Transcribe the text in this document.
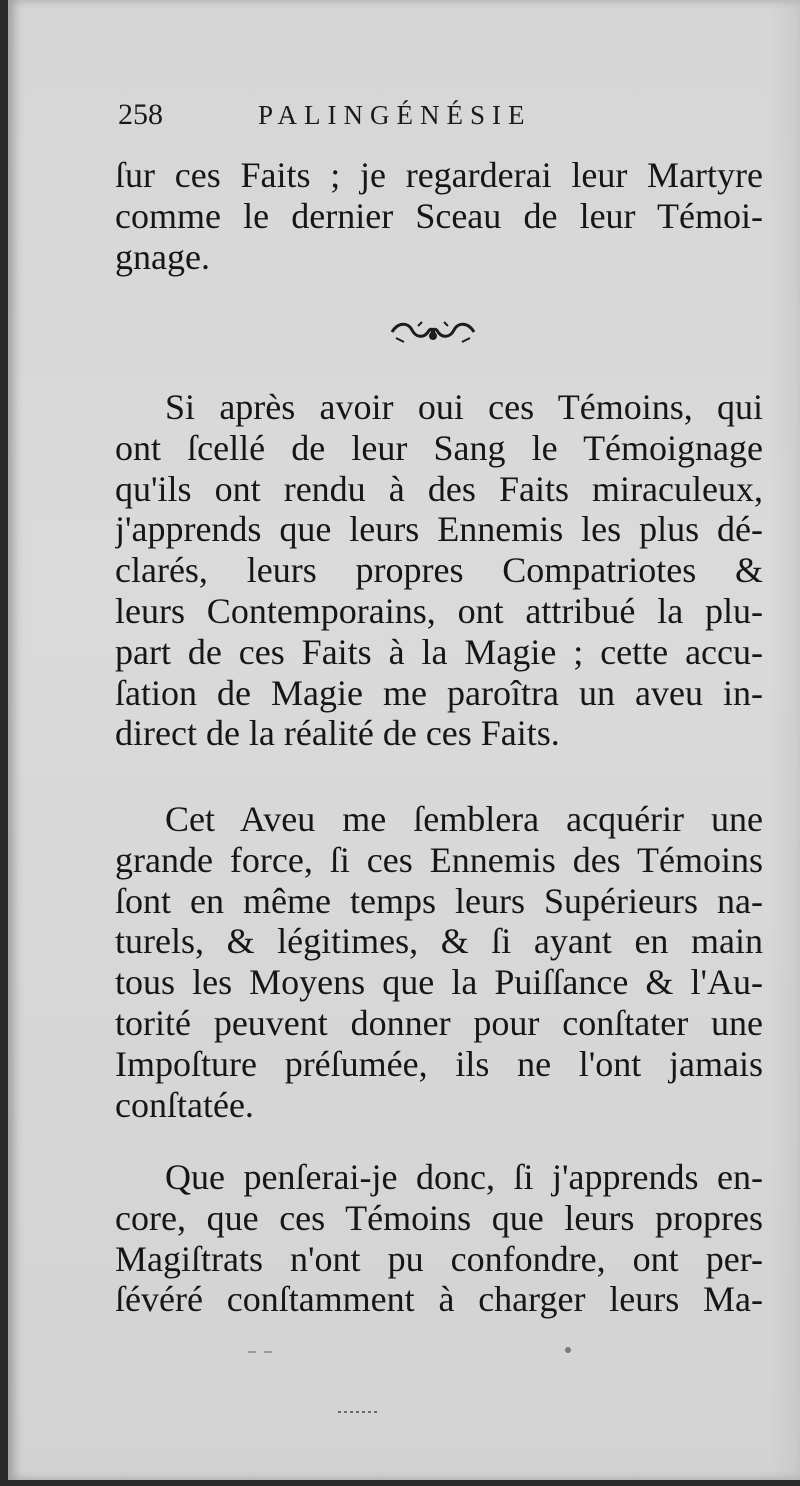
258	PALINGÉNÉSIE
ſur ces Faits ; je regarderai leur Martyre
comme le dernier Sceau de leur Témoi-
gnage.
Si après avoir oui ces Témoins, qui
ont ſcellé de leur Sang le Témoignage
qu'ils ont rendu à des Faits miraculeux,
j'apprends que leurs Ennemis les plus dé-
clarés, leurs propres Compatriotes &
leurs Contemporains, ont attribué la plu-
part de ces Faits à la Magie ; cette accu-
ſation de Magie me paroîtra un aveu in-
direct de la réalité de ces Faits.
Cet Aveu me ſemblera acquérir une
grande force, ſi ces Ennemis des Témoins
ſont en même temps leurs Supérieurs na-
turels, & légitimes, & ſi ayant en main
tous les Moyens que la Puiſſance & l'Au-
torité peuvent donner pour conſtater une
Impoſture préſumée, ils ne l'ont jamais
conſtatée.
Que penſerai-je donc, ſi j'apprends en-
core, que ces Témoins que leurs propres
Magiſtrats n'ont pu confondre, ont per-
ſévéré conſtamment à charger leurs Ma-
